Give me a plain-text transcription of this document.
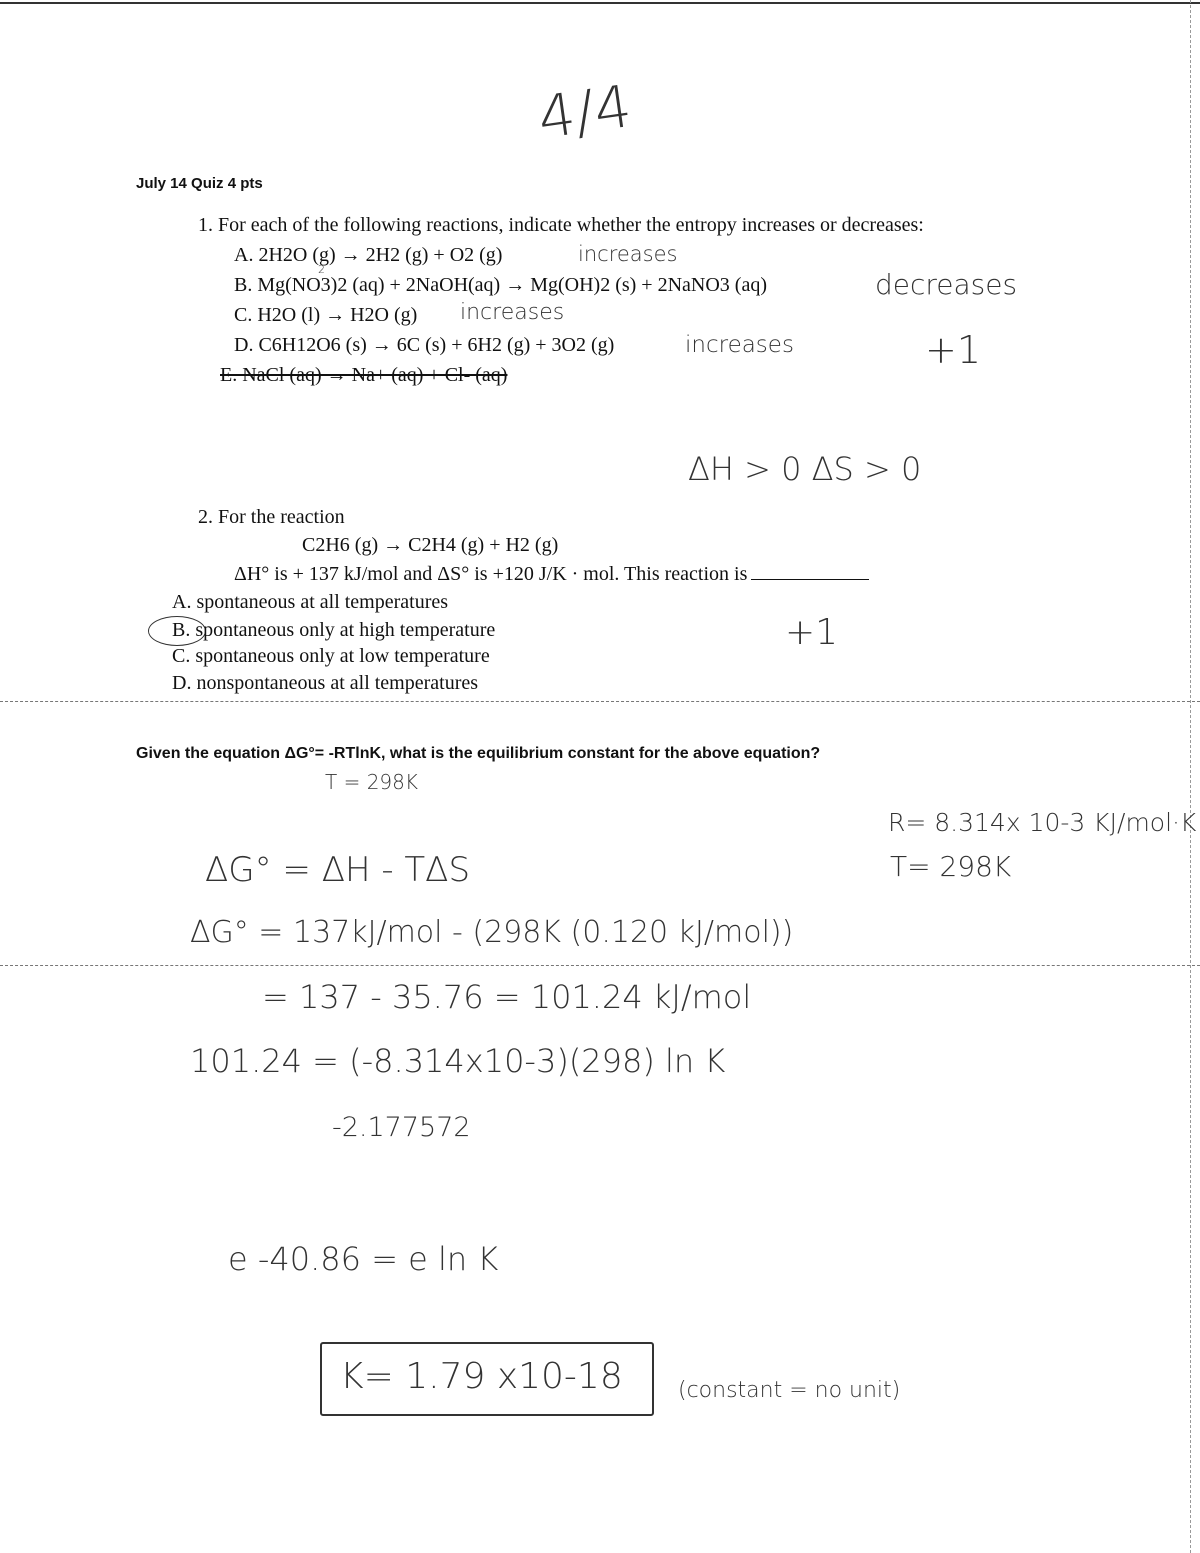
4/4
July 14 Quiz 4 pts
1. For each of the following reactions, indicate whether the entropy increases or decreases:
A. 2H2O (g) → 2H2 (g) + O2 (g)
2
increases
B. Mg(NO3)2 (aq) + 2NaOH(aq) → Mg(OH)2 (s) + 2NaNO3 (aq)	decreases
C. H2O (l) → H2O (g) increases
D. C6H12O6 (s) → 6C (s) + 6H2 (g) + 3O2 (g)	increases
E. NaCl (aq) → Na+ (aq) + Cl- (aq)
+1
ΔH > 0 ΔS > 0
2. For the reaction
C2H6 (g) → C2H4 (g) + H2 (g)
ΔH° is + 137 kJ/mol and ΔS° is +120 J/K · mol. This reaction is
A. spontaneous at all temperatures
B. spontaneous only at high temperature
C. spontaneous only at low temperature
D. nonspontaneous at all temperatures
+1
Given the equation ΔG°= -RTlnK, what is the equilibrium constant for the above equation?
T = 298K
R= 8.314x 10-3 KJ/mol·K
T= 298K
ΔG° = ΔH - TΔS
ΔG° = 137kJ/mol - (298K (0.120 kJ/mol))
= 137 - 35.76 = 101.24 kJ/mol
101.24 = (-8.314x10-3)(298) ln K
-2.177572
e -40.86 = e ln K
K= 1.79 x10-18	(constant = no unit)
